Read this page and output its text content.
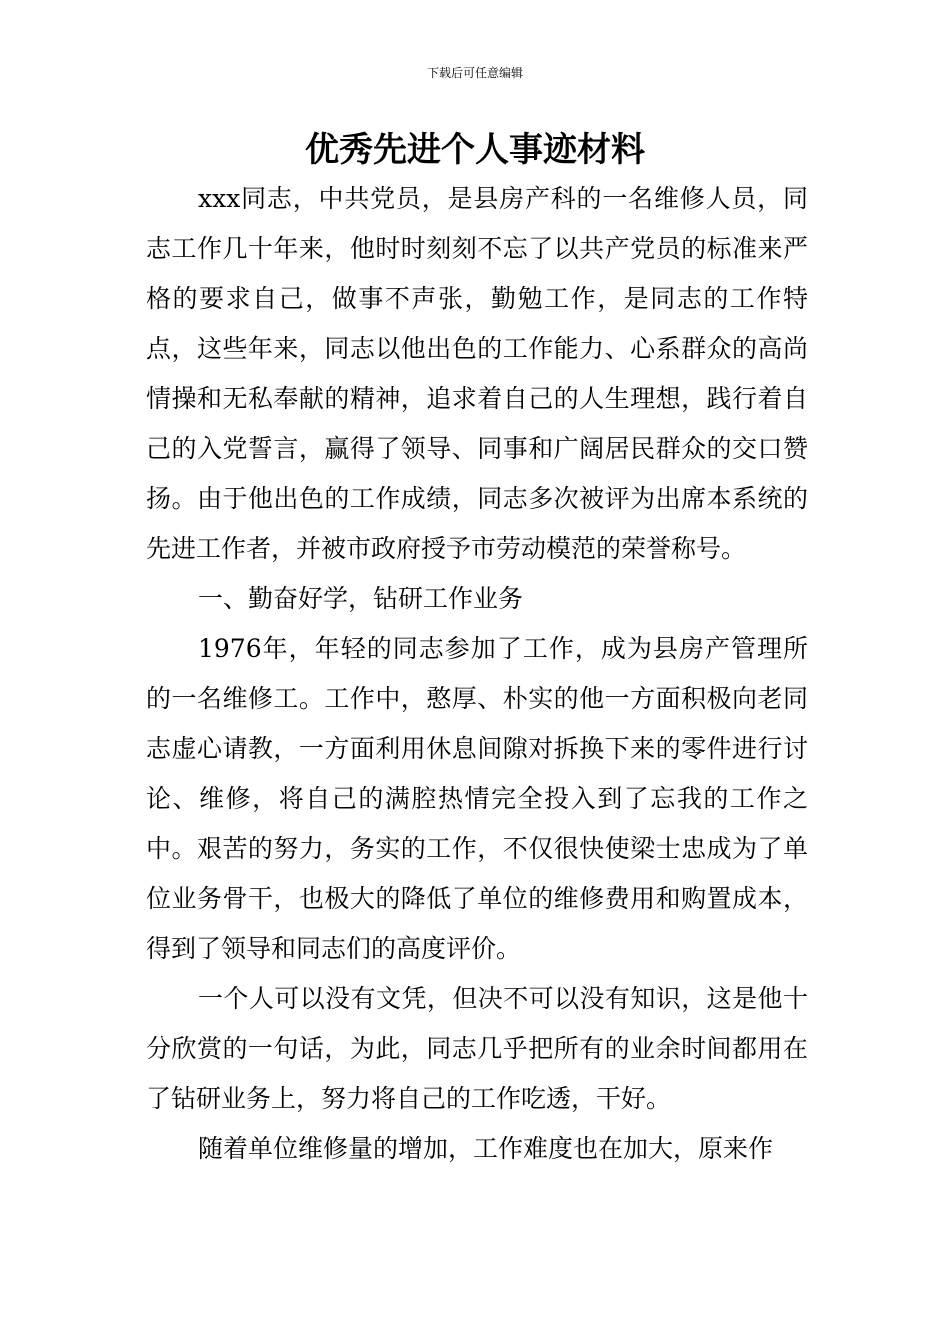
下载后可任意编辑
优秀先进个人事迹材料

xxx同志，中共党员，是县房产科的一名维修人员，同志工作几十年来，他时时刻刻不忘了以共产党员的标准来严格的要求自己，做事不声张，勤勉工作，是同志的工作特点，这些年来，同志以他出色的工作能力、心系群众的高尚情操和无私奉献的精神，追求着自己的人生理想，践行着自己的入党誓言，赢得了领导、同事和广阔居民群众的交口赞扬。由于他出色的工作成绩，同志多次被评为出席本系统的先进工作者，并被市政府授予市劳动模范的荣誉称号。

一、勤奋好学，钻研工作业务

1976年，年轻的同志参加了工作，成为县房产管理所的一名维修工。工作中，憨厚、朴实的他一方面积极向老同志虚心请教，一方面利用休息间隙对拆换下来的零件进行讨论、维修，将自己的满腔热情完全投入到了忘我的工作之中。艰苦的努力，务实的工作，不仅很快使梁士忠成为了单位业务骨干，也极大的降低了单位的维修费用和购置成本，得到了领导和同志们的高度评价。

一个人可以没有文凭，但决不可以没有知识，这是他十分欣赏的一句话，为此，同志几乎把所有的业余时间都用在了钻研业务上，努力将自己的工作吃透，干好。

随着单位维修量的增加，工作难度也在加大，原来作
